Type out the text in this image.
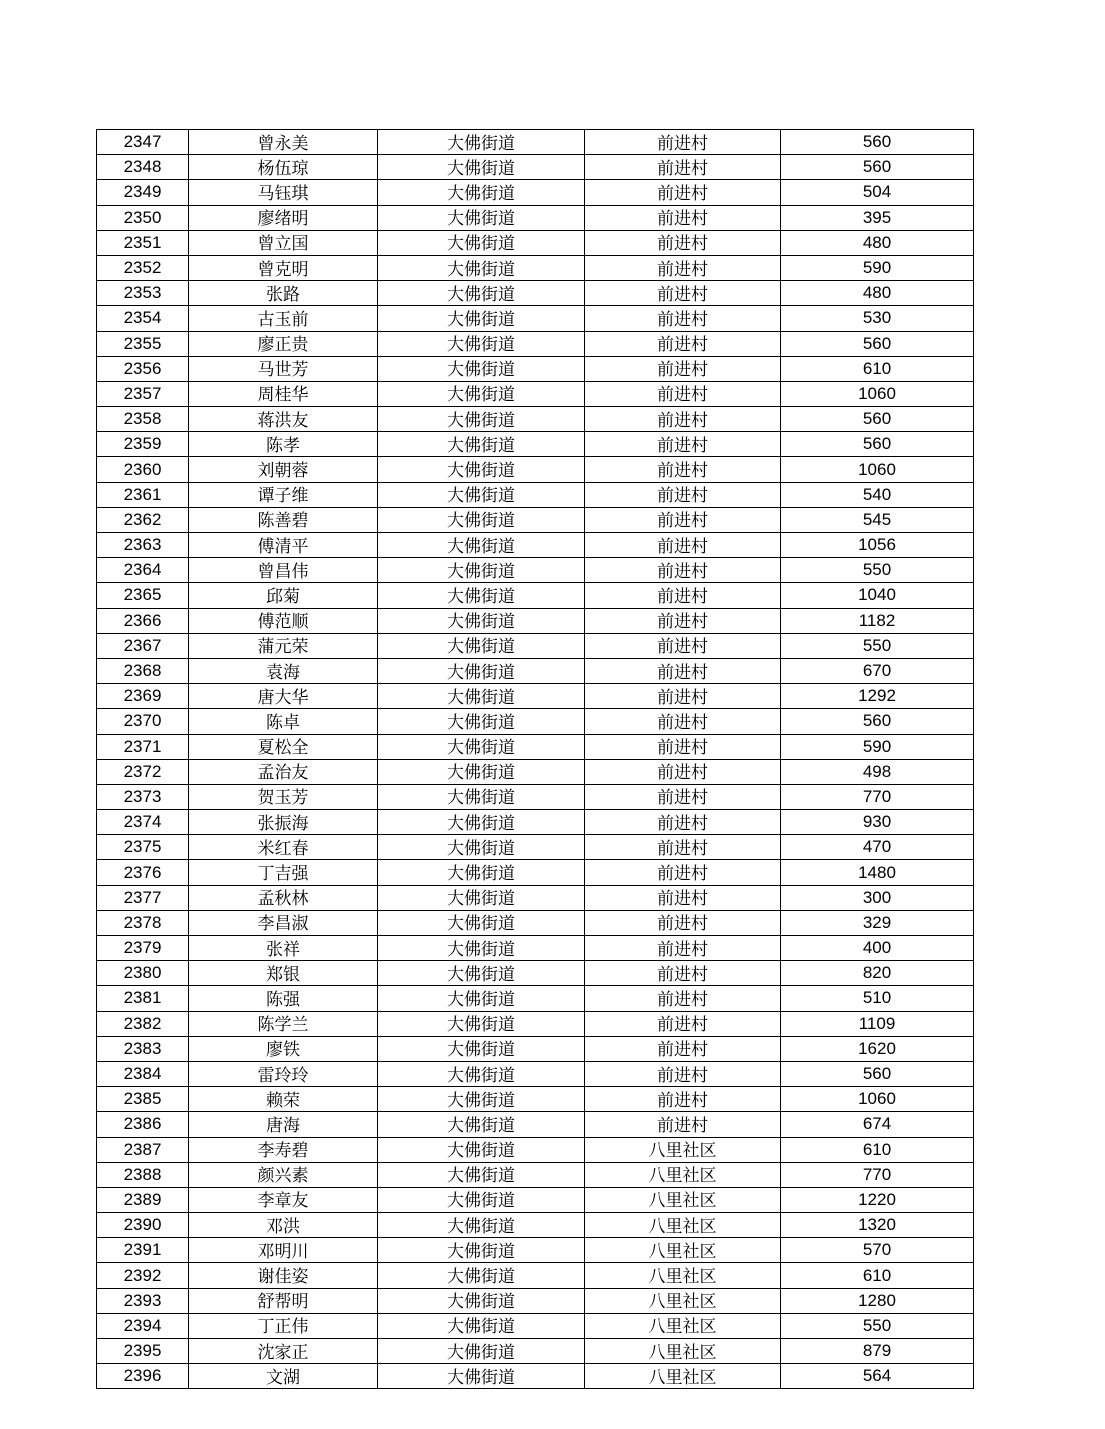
2347	曾永美	大佛街道	前进村	560
2348	杨伍琼	大佛街道	前进村	560
2349	马钰琪	大佛街道	前进村	504
2350	廖绪明	大佛街道	前进村	395
2351	曾立国	大佛街道	前进村	480
2352	曾克明	大佛街道	前进村	590
2353	张路	大佛街道	前进村	480
2354	古玉前	大佛街道	前进村	530
2355	廖正贵	大佛街道	前进村	560
2356	马世芳	大佛街道	前进村	610
2357	周桂华	大佛街道	前进村	1060
2358	蒋洪友	大佛街道	前进村	560
2359	陈孝	大佛街道	前进村	560
2360	刘朝蓉	大佛街道	前进村	1060
2361	谭子维	大佛街道	前进村	540
2362	陈善碧	大佛街道	前进村	545
2363	傅清平	大佛街道	前进村	1056
2364	曾昌伟	大佛街道	前进村	550
2365	邱菊	大佛街道	前进村	1040
2366	傅范顺	大佛街道	前进村	1182
2367	蒲元荣	大佛街道	前进村	550
2368	袁海	大佛街道	前进村	670
2369	唐大华	大佛街道	前进村	1292
2370	陈卓	大佛街道	前进村	560
2371	夏松全	大佛街道	前进村	590
2372	孟治友	大佛街道	前进村	498
2373	贺玉芳	大佛街道	前进村	770
2374	张振海	大佛街道	前进村	930
2375	米红春	大佛街道	前进村	470
2376	丁吉强	大佛街道	前进村	1480
2377	孟秋林	大佛街道	前进村	300
2378	李昌淑	大佛街道	前进村	329
2379	张祥	大佛街道	前进村	400
2380	郑银	大佛街道	前进村	820
2381	陈强	大佛街道	前进村	510
2382	陈学兰	大佛街道	前进村	1109
2383	廖铁	大佛街道	前进村	1620
2384	雷玲玲	大佛街道	前进村	560
2385	赖荣	大佛街道	前进村	1060
2386	唐海	大佛街道	前进村	674
2387	李寿碧	大佛街道	八里社区	610
2388	颜兴素	大佛街道	八里社区	770
2389	李章友	大佛街道	八里社区	1220
2390	邓洪	大佛街道	八里社区	1320
2391	邓明川	大佛街道	八里社区	570
2392	谢佳姿	大佛街道	八里社区	610
2393	舒帮明	大佛街道	八里社区	1280
2394	丁正伟	大佛街道	八里社区	550
2395	沈家正	大佛街道	八里社区	879
2396	文湖	大佛街道	八里社区	564
